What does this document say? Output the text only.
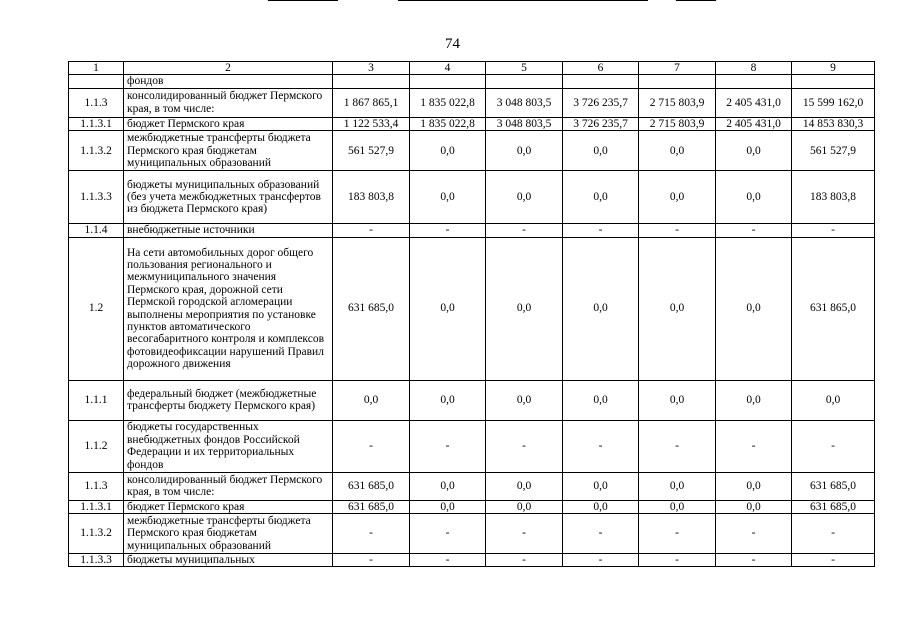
74
1	2	3	4	5	6	7	8	9
	фондов							
1.1.3	консолидированный бюджет Пермского края, в том числе:	1 867 865,1	1 835 022,8	3 048 803,5	3 726 235,7	2 715 803,9	2 405 431,0	15 599 162,0
1.1.3.1	бюджет Пермского края	1 122 533,4	1 835 022,8	3 048 803,5	3 726 235,7	2 715 803,9	2 405 431,0	14 853 830,3
1.1.3.2	межбюджетные трансферты бюджета Пермского края бюджетам муниципальных образований	561 527,9	0,0	0,0	0,0	0,0	0,0	561 527,9
1.1.3.3	бюджеты муниципальных образований (без учета межбюджетных трансфертов из бюджета Пермского края)	183 803,8	0,0	0,0	0,0	0,0	0,0	183 803,8
1.1.4	внебюджетные источники	-	-	-	-	-	-	-
1.2	На сети автомобильных дорог общего пользования регионального и межмуниципального значения Пермского края, дорожной сети Пермской городской агломерации выполнены мероприятия по установке пунктов автоматического весогабаритного контроля и комплексов фотовидеофиксации нарушений Правил дорожного движения	631 685,0	0,0	0,0	0,0	0,0	0,0	631 865,0
1.1.1	федеральный бюджет (межбюджетные трансферты бюджету Пермского края)	0,0	0,0	0,0	0,0	0,0	0,0	0,0
1.1.2	бюджеты государственных внебюджетных фондов Российской Федерации и их территориальных фондов	-	-	-	-	-	-	-
1.1.3	консолидированный бюджет Пермского края, в том числе:	631 685,0	0,0	0,0	0,0	0,0	0,0	631 685,0
1.1.3.1	бюджет Пермского края	631 685,0	0,0	0,0	0,0	0,0	0,0	631 685,0
1.1.3.2	межбюджетные трансферты бюджета Пермского края бюджетам муниципальных образований	-	-	-	-	-	-	-
1.1.3.3	бюджеты муниципальных	-	-	-	-	-	-	-
